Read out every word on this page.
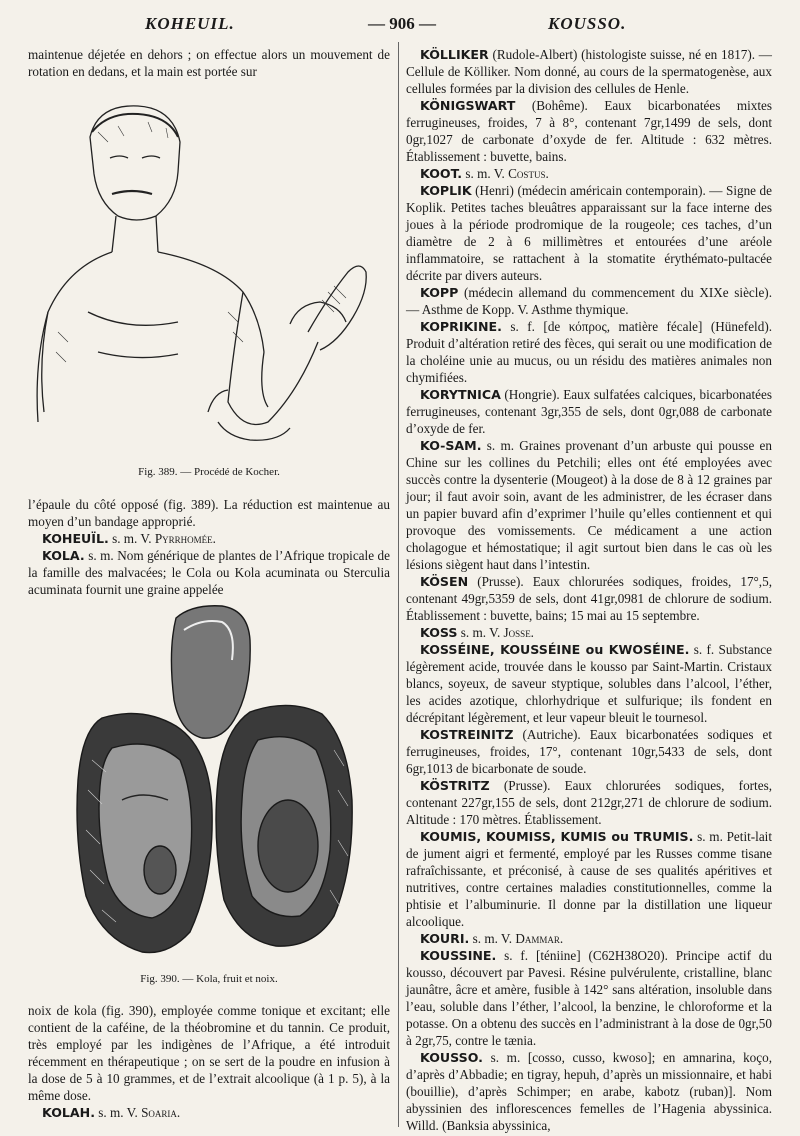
KOHEUIL.	— 906 —	KOUSSO.

maintenue déjetée en dehors ; on effectue alors un mouvement de rotation en dedans, et la main est portée sur

Fig. 389. — Procédé de Kocher.

l’épaule du côté opposé (fig. 389). La réduction est maintenue au moyen d’un bandage approprié.

KOHEUÏL. s. m. V. Pyrrhomée.

KOLA. s. m. Nom générique de plantes de l’Afrique tropicale de la famille des malvacées; le Cola ou Kola acuminata ou Sterculia acuminata fournit une graine appelée

Fig. 390. — Kola, fruit et noix.

noix de kola (fig. 390), employée comme tonique et excitant; elle contient de la caféine, de la théobromine et du tannin. Ce produit, très employé par les indigènes de l’Afrique, a été introduit récemment en thérapeutique ; on se sert de la poudre en infusion à la dose de 5 à 10 grammes, et de l’extrait alcoolique (à 1 p. 5), à la même dose.

KOLAH. s. m. V. Soaria.

KÖLLIKER (Rudole-Albert) (histologiste suisse, né en 1817). — Cellule de Kölliker. Nom donné, au cours de la spermatogenèse, aux cellules formées par la division des cellules de Henle.

KÖNIGSWART (Bohême). Eaux bicarbonatées mixtes ferrugineuses, froides, 7 à 8°, contenant 7gr,1499 de sels, dont 0gr,1027 de carbonate d’oxyde de fer. Altitude : 632 mètres. Établissement : buvette, bains.

KOOT. s. m. V. Costus.

KOPLIK (Henri) (médecin américain contemporain). — Signe de Koplik. Petites taches bleuâtres apparaissant sur la face interne des joues à la période prodromique de la rougeole; ces taches, d’un diamètre de 2 à 6 millimètres et entourées d’une aréole inflammatoire, se rattachent à la stomatite érythémato-pultacée décrite par divers auteurs.

KOPP (médecin allemand du commencement du XIXe siècle). — Asthme de Kopp. V. Asthme thymique.

KOPRIKINE. s. f. [de κόπρος, matière fécale] (Hünefeld). Produit d’altération retiré des fèces, qui serait ou une modification de la choléine unie au mucus, ou un résidu des matières animales non chymifiées.

KORYTNICA (Hongrie). Eaux sulfatées calciques, bicarbonatées ferrugineuses, contenant 3gr,355 de sels, dont 0gr,088 de carbonate d’oxyde de fer.

KO-SAM. s. m. Graines provenant d’un arbuste qui pousse en Chine sur les collines du Petchili; elles ont été employées avec succès contre la dysenterie (Mougeot) à la dose de 8 à 12 graines par jour; il faut avoir soin, avant de les administrer, de les écraser dans un papier buvard afin d’exprimer l’huile qu’elles contiennent et qui provoque des vomissements. Ce médicament a une action cholagogue et hémostatique; il agit surtout bien dans le cas où les lésions siègent haut dans l’intestin.

KÖSEN (Prusse). Eaux chlorurées sodiques, froides, 17°,5, contenant 49gr,5359 de sels, dont 41gr,0981 de chlorure de sodium. Établissement : buvette, bains; 15 mai au 15 septembre.

KOSS s. m. V. Josse.

KOSSÉINE, KOUSSÉINE ou KWOSÉINE. s. f. Substance légèrement acide, trouvée dans le kousso par Saint-Martin. Cristaux blancs, soyeux, de saveur styptique, solubles dans l’alcool, l’éther, les acides azotique, chlorhydrique et sulfurique; ils fondent en décrépitant légèrement, et leur vapeur bleuit le tournesol.

KOSTREINITZ (Autriche). Eaux bicarbonatées sodiques et ferrugineuses, froides, 17°, contenant 10gr,5433 de sels, dont 6gr,1013 de bicarbonate de soude.

KÖSTRITZ (Prusse). Eaux chlorurées sodiques, fortes, contenant 227gr,155 de sels, dont 212gr,271 de chlorure de sodium. Altitude : 170 mètres. Établissement.

KOUMIS, KOUMISS, KUMIS ou TRUMIS. s. m. Petit-lait de jument aigri et fermenté, employé par les Russes comme tisane rafraîchissante, et préconisé, à cause de ses qualités apéritives et nutritives, contre certaines maladies constitutionnelles, comme la phtisie et l’albuminurie. Il donne par la distillation une liqueur alcoolique.

KOURI. s. m. V. Dammar.

KOUSSINE. s. f. [téniine] (C62H38O20). Principe actif du kousso, découvert par Pavesi. Résine pulvérulente, cristalline, blanc jaunâtre, âcre et amère, fusible à 142° sans altération, insoluble dans l’eau, soluble dans l’éther, l’alcool, la benzine, le chloroforme et la potasse. On a obtenu des succès en l’administrant à la dose de 0gr,50 à 2gr,75, contre le tænia.

KOUSSO. s. m. [cosso, cusso, kwoso]; en amnarina, koço, d’après d’Abbadie; en tigray, hepuh, d’après un missionnaire, et habi (bouillie), d’après Schimper; en arabe, kabotz (ruban)]. Nom abyssinien des inflorescences femelles de l’Hagenia abyssinica. Willd. (Banksia abyssinica,
